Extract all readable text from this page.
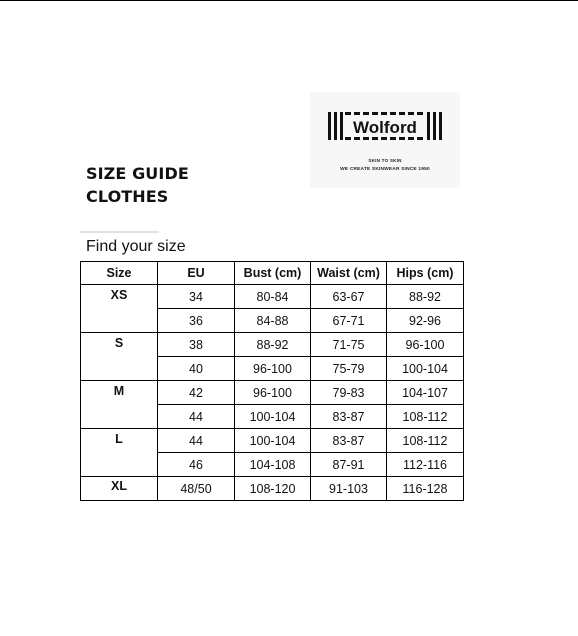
Wolford
SKIN TO SKIN
WE CREATE SKINWEAR SINCE 1950
SIZE GUIDE
CLOTHES
Find your size
Size	EU	Bust (cm)	Waist (cm)	Hips (cm)
XS	34	80-84	63-67	88-92
	36	84-88	67-71	92-96
S	38	88-92	71-75	96-100
	40	96-100	75-79	100-104
M	42	96-100	79-83	104-107
	44	100-104	83-87	108-112
L	44	100-104	83-87	108-112
	46	104-108	87-91	112-116
XL	48/50	108-120	91-103	116-128
